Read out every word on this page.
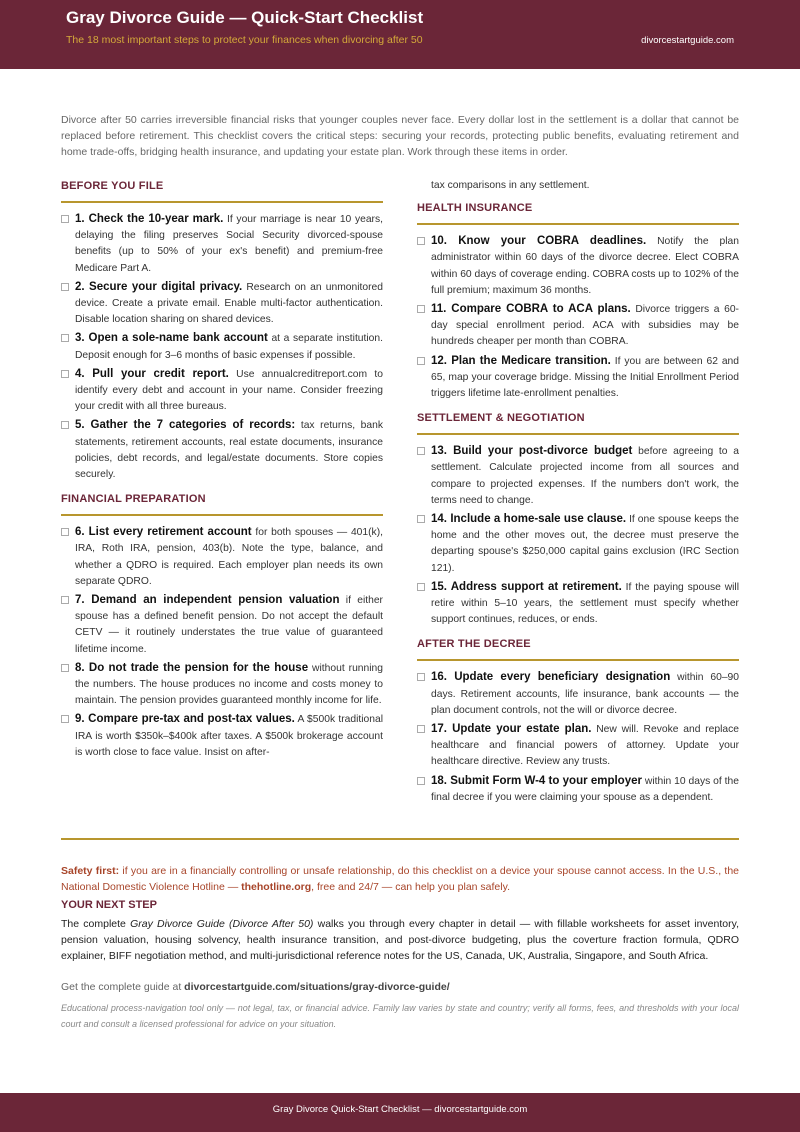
Gray Divorce Guide — Quick-Start Checklist
The 18 most important steps to protect your finances when divorcing after 50	divorcestartguide.com
Divorce after 50 carries irreversible financial risks that younger couples never face. Every dollar lost in the settlement is a dollar that cannot be replaced before retirement. This checklist covers the critical steps: securing your records, protecting public benefits, evaluating retirement and home trade-offs, bridging health insurance, and updating your estate plan. Work through these items in order.
BEFORE YOU FILE
1. Check the 10-year mark. If your marriage is near 10 years, delaying the filing preserves Social Security divorced-spouse benefits (up to 50% of your ex's benefit) and premium-free Medicare Part A.
2. Secure your digital privacy. Research on an unmonitored device. Create a private email. Enable multi-factor authentication. Disable location sharing on shared devices.
3. Open a sole-name bank account at a separate institution. Deposit enough for 3–6 months of basic expenses if possible.
4. Pull your credit report. Use annualcreditreport.com to identify every debt and account in your name. Consider freezing your credit with all three bureaus.
5. Gather the 7 categories of records: tax returns, bank statements, retirement accounts, real estate documents, insurance policies, debt records, and legal/estate documents. Store copies securely.
FINANCIAL PREPARATION
6. List every retirement account for both spouses — 401(k), IRA, Roth IRA, pension, 403(b). Note the type, balance, and whether a QDRO is required. Each employer plan needs its own separate QDRO.
7. Demand an independent pension valuation if either spouse has a defined benefit pension. Do not accept the default CETV — it routinely understates the true value of guaranteed lifetime income.
8. Do not trade the pension for the house without running the numbers. The house produces no income and costs money to maintain. The pension provides guaranteed monthly income for life.
9. Compare pre-tax and post-tax values. A $500k traditional IRA is worth $350k–$400k after taxes. A $500k brokerage account is worth close to face value. Insist on after-
tax comparisons in any settlement.
HEALTH INSURANCE
10. Know your COBRA deadlines. Notify the plan administrator within 60 days of the divorce decree. Elect COBRA within 60 days of coverage ending. COBRA costs up to 102% of the full premium; maximum 36 months.
11. Compare COBRA to ACA plans. Divorce triggers a 60-day special enrollment period. ACA with subsidies may be hundreds cheaper per month than COBRA.
12. Plan the Medicare transition. If you are between 62 and 65, map your coverage bridge. Missing the Initial Enrollment Period triggers lifetime late-enrollment penalties.
SETTLEMENT & NEGOTIATION
13. Build your post-divorce budget before agreeing to a settlement. Calculate projected income from all sources and compare to projected expenses. If the numbers don't work, the terms need to change.
14. Include a home-sale use clause. If one spouse keeps the home and the other moves out, the decree must preserve the departing spouse's $250,000 capital gains exclusion (IRC Section 121).
15. Address support at retirement. If the paying spouse will retire within 5–10 years, the settlement must specify whether support continues, reduces, or ends.
AFTER THE DECREE
16. Update every beneficiary designation within 60–90 days. Retirement accounts, life insurance, bank accounts — the plan document controls, not the will or divorce decree.
17. Update your estate plan. New will. Revoke and replace healthcare and financial powers of attorney. Update your healthcare directive. Review any trusts.
18. Submit Form W-4 to your employer within 10 days of the final decree if you were claiming your spouse as a dependent.
Safety first: if you are in a financially controlling or unsafe relationship, do this checklist on a device your spouse cannot access. In the U.S., the National Domestic Violence Hotline — thehotline.org, free and 24/7 — can help you plan safely.
YOUR NEXT STEP
The complete Gray Divorce Guide (Divorce After 50) walks you through every chapter in detail — with fillable worksheets for asset inventory, pension valuation, housing solvency, health insurance transition, and post-divorce budgeting, plus the coverture fraction formula, QDRO explainer, BIFF negotiation method, and multi-jurisdictional reference notes for the US, Canada, UK, Australia, Singapore, and South Africa.
Get the complete guide at divorcestartguide.com/situations/gray-divorce-guide/
Educational process-navigation tool only — not legal, tax, or financial advice. Family law varies by state and country; verify all forms, fees, and thresholds with your local court and consult a licensed professional for advice on your situation.
Gray Divorce Quick-Start Checklist — divorcestartguide.com
